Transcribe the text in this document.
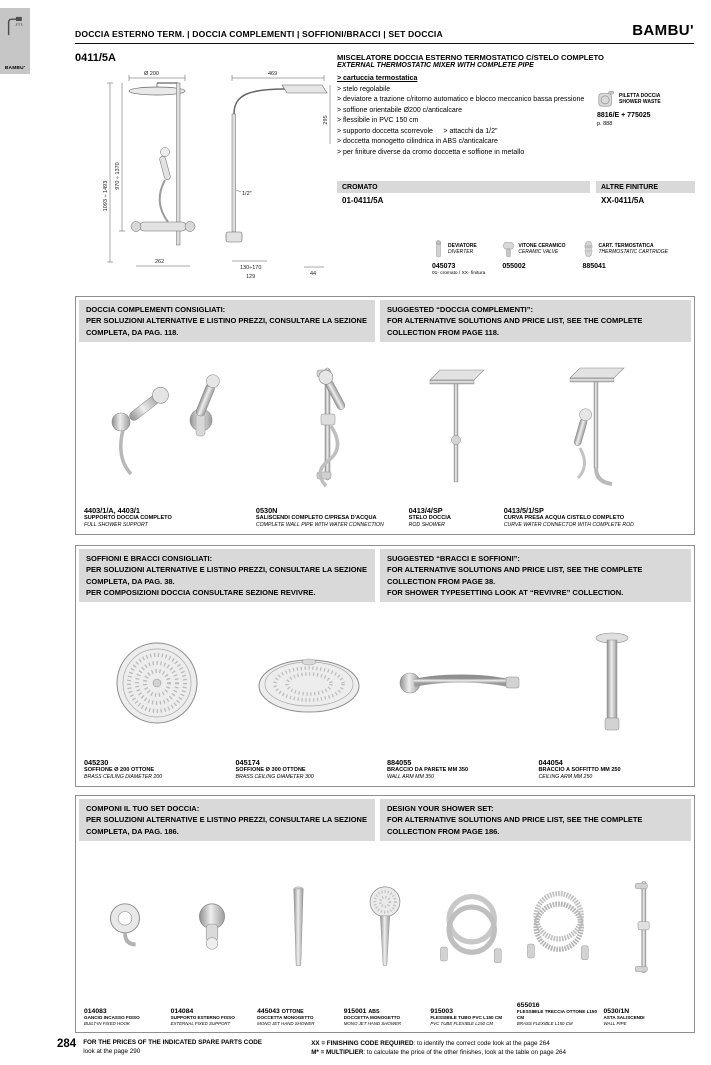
BAMBU'
DOCCIA ESTERNO TERM. | DOCCIA COMPLEMENTI | SOFFIONI/BRACCI | SET DOCCIA	BAMBU'
0411/5A
Ø 200
1093 ÷ 1493
970 ÷ 1370
262
469
295
1/2"
130÷170
129	44
MISCELATORE DOCCIA ESTERNO TERMOSTATICO C/STELO COMPLETO
EXTERNAL THERMOSTATIC MIXER WITH COMPLETE PIPE
> cartuccia termostatica
> stelo regolabile
> deviatore a trazione c/ritorno automatico e blocco meccanico bassa pressione
> soffione orientabile Ø200 c/anticalcare
> flessibile in PVC 150 cm
> supporto doccetta scorrevole   > attacchi da 1/2"
> doccetta monogetto cilindrica in ABS c/anticalcare
> per finiture diverse da cromo doccetta e soffione in metallo
PILETTA DOCCIA
SHOWER WASTE
8816/E + 775025
p. 888
CROMATO	ALTRE FINITURE
01-0411/5A	XX-0411/5A
DEVIATORE
DIVERTER
045073
01- cromato / XX- finitura
VITONE CERAMICO
CERAMIC VALVE
055002
CART. TERMOSTATICA
THERMOSTATIC CARTRIDGE
885041
DOCCIA COMPLEMENTI CONSIGLIATI:
PER SOLUZIONI ALTERNATIVE E LISTINO PREZZI, CONSULTARE LA SEZIONE COMPLETA, DA PAG. 118.
SUGGESTED “DOCCIA COMPLEMENTI”:
FOR ALTERNATIVE SOLUTIONS AND PRICE LIST, SEE THE COMPLETE COLLECTION FROM PAGE 118.
4403/1/A, 4403/1
SUPPORTO DOCCIA COMPLETO
FULL SHOWER SUPPORT
0530N
SALISCENDI COMPLETO C/PRESA D'ACQUA
COMPLETE WALL PIPE WITH WATER CONNECTION
0413/4/SP
STELO DOCCIA
ROD SHOWER
0413/5/1/SP
CURVA PRESA ACQUA C/STELO COMPLETO
CURVE WATER CONNECTOR WITH COMPLETE ROD
SOFFIONI E BRACCI CONSIGLIATI:
PER SOLUZIONI ALTERNATIVE E LISTINO PREZZI, CONSULTARE LA SEZIONE COMPLETA, DA PAG. 38.
PER COMPOSIZIONI DOCCIA CONSULTARE SEZIONE REVIVRE.
SUGGESTED “BRACCI E SOFFIONI”:
FOR ALTERNATIVE SOLUTIONS AND PRICE LIST, SEE THE COMPLETE COLLECTION FROM PAGE 38.
FOR SHOWER TYPESETTING LOOK AT “REVIVRE” COLLECTION.
045230
SOFFIONE Ø 200 OTTONE
BRASS CEILING DIAMETER 200
045174
SOFFIONE Ø 300 OTTONE
BRASS CEILING DIAMETER 300
884055
BRACCIO DA PARETE MM 350
WALL ARM MM 350
044054
BRACCIO A SOFFITTO MM 250
CEILING ARM MM 250
COMPONI IL TUO SET DOCCIA:
PER SOLUZIONI ALTERNATIVE E LISTINO PREZZI, CONSULTARE LA SEZIONE COMPLETA, DA PAG. 186.
DESIGN YOUR SHOWER SET:
FOR ALTERNATIVE SOLUTIONS AND PRICE LIST, SEE THE COMPLETE COLLECTION FROM PAGE 186.
014083
GANCIO INCASSO FISSO
BUILT-IN FIXED HOOK
014084
SUPPORTO ESTERNO FISSO
EXTERNAL FIXED SUPPORT
445043 OTTONE
DOCCETTA MONOGETTO
MONO JET HAND SHOWER
915001 ABS
DOCCETTA MONOGETTO
MONO JET HAND SHOWER
915003
FLESSIBILE TUBO PVC L150 CM
PVC TUBE FLEXIBLE L150 CM
655016
FLESSIBILE TRECCIA OTTONE L150 CM
BRASS FLEXIBLE L150 CM
0530/1N
ASTA SALISCENDI
WALL PIPE
284 FOR THE PRICES OF THE INDICATED SPARE PARTS CODE
look at the page 290
XX = FINISHING CODE REQUIRED: to identify the correct code look at the page 264
M* = MULTIPLIER: to calculate the price of the other finishes, look at the table on page 264
